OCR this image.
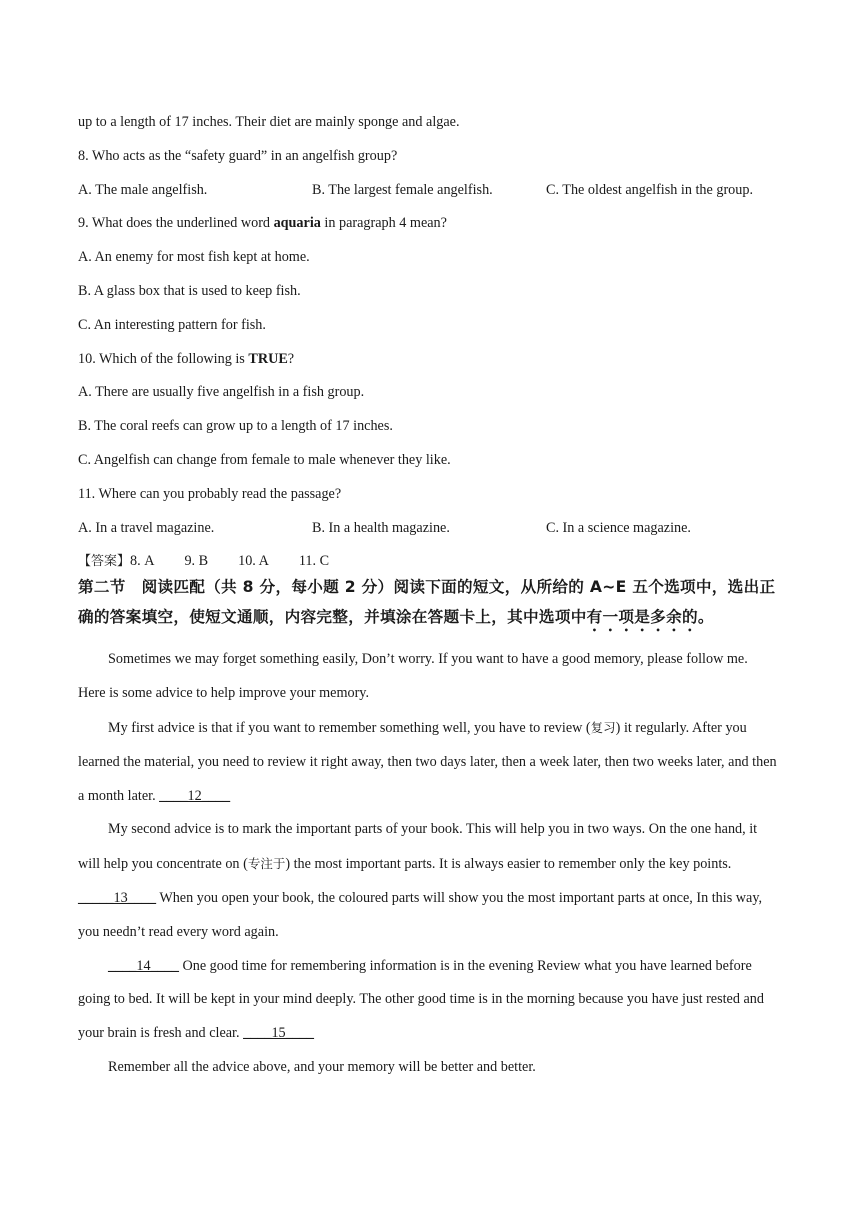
up to a length of 17 inches. Their diet are mainly sponge and algae.
8. Who acts as the “safety guard” in an angelfish group?
A. The male angelfish.	B. The largest female angelfish.	C. The oldest angelfish in the group.
9. What does the underlined word aquaria in paragraph 4 mean?
A. An enemy for most fish kept at home.
B. A glass box that is used to keep fish.
C. An interesting pattern for fish.
10. Which of the following is TRUE?
A. There are usually five angelfish in a fish group.
B. The coral reefs can grow up to a length of 17 inches.
C. Angelfish can change from female to male whenever they like.
11. Where can you probably read the passage?
A. In a travel magazine.	B. In a health magazine.	C. In a science magazine.
【答案】8. A 9. B 10. A 11. C
第二节　阅读匹配（共 8 分，每小题 2 分）阅读下面的短文，从所给的 A~E 五个选项中，选出正确的答案填空，使短文通顺，内容完整，并填涂在答题卡上，其中选项中有一项是多余的。
Sometimes we may forget something easily, Don’t worry. If you want to have a good memory, please follow me. Here is some advice to help improve your memory.
My first advice is that if you want to remember something well, you have to review (复习) it regularly. After you learned the material, you need to review it right away, then two days later, then a week later, then two weeks later, and then a month later. ____12____
My second advice is to mark the important parts of your book. This will help you in two ways. On the one hand, it will help you concentrate on (专注于) the most important parts. It is always easier to remember only the key points. _____13____ When you open your book, the coloured parts will show you the most important parts at once, In this way, you needn’t read every word again.
____14____ One good time for remembering information is in the evening Review what you have learned before going to bed. It will be kept in your mind deeply. The other good time is in the morning because you have just rested and your brain is fresh and clear. ____15____
Remember all the advice above, and your memory will be better and better.
